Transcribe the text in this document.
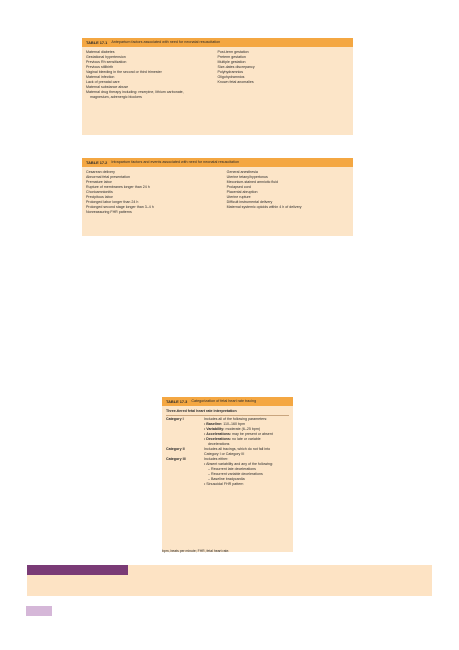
TABLE 17.1 Antepartum factors associated with need for neonatal resuscitation
Maternal diabetes
Gestational hypertension
Previous Rh sensitization
Previous stillbirth
Vaginal bleeding in the second or third trimester
Maternal infection
Lack of prenatal care
Maternal substance abuse
Maternal drug therapy including: reserpine, lithium carbonate,
magnesium, adrenergic blockers
Post-term gestation
Preterm gestation
Multiple gestation
Size-dates discrepancy
Polyhydramnios
Oligohydramnios
Known fetal anomalies
TABLE 17.2 Intrapartum factors and events associated with need for neonatal resuscitation
Cesarean delivery
Abnormal fetal presentation
Premature labor
Rupture of membranes longer than 24 h
Chorioamnionitis
Precipitous labor
Prolonged labor longer than 24 h
Prolonged second stage longer than 3–4 h
Nonreassuring FHR patterns
General anesthesia
Uterine tetany/hypertonus
Meconium-stained amniotic fluid
Prolapsed cord
Placental abruption
Uterine rupture
Difficult instrumental delivery
Maternal systemic opioids within 4 h of delivery
TABLE 17.3 Categorization of fetal heart rate tracing
Three-tiered fetal heart rate interpretation
Category I	Includes all of the following parameters:
• Baseline: 110–160 bpm
• Variability: moderate (6–25 bpm)
• Accelerations: may be present or absent
• Decelerations: no late or variable
decelerations
Category II	Includes all tracings, which do not fall into
Category I or Category III
Category III	Includes either:
• Absent variability and any of the following:
– Recurrent late decelerations
– Recurrent variable decelerations
– Baseline bradycardia
• Sinusoidal FHR pattern
bpm, beats per minute; FHR, fetal heart rate.
